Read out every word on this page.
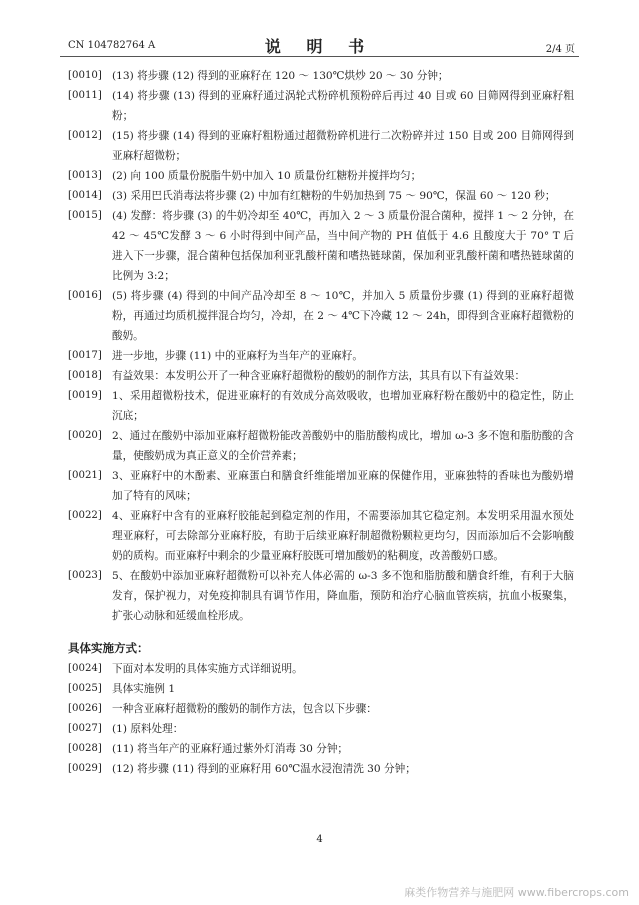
CN 104782764 A	说 明 书	2/4 页
[0010] (13) 将步骤 (12) 得到的亚麻籽在 120 ～ 130℃烘炒 20 ～ 30 分钟；
[0011] (14) 将步骤 (13) 得到的亚麻籽通过涡轮式粉碎机预粉碎后再过 40 目或 60 目筛网得到亚麻籽粗粉；
[0012] (15) 将步骤 (14) 得到的亚麻籽粗粉通过超微粉碎机进行二次粉碎并过 150 目或 200 目筛网得到亚麻籽超微粉；
[0013] (2) 向 100 质量份脱脂牛奶中加入 10 质量份红糖粉并搅拌均匀；
[0014] (3) 采用巴氏消毒法将步骤 (2) 中加有红糖粉的牛奶加热到 75 ～ 90℃，保温 60 ～ 120 秒；
[0015] (4) 发酵：将步骤 (3) 的牛奶冷却至 40℃，再加入 2 ～ 3 质量份混合菌种，搅拌 1 ～ 2 分钟，在 42 ～ 45℃发酵 3 ～ 6 小时得到中间产品，当中间产物的 PH 值低于 4.6 且酸度大于 70° T 后进入下一步骤，混合菌种包括保加利亚乳酸杆菌和嗜热链球菌，保加利亚乳酸杆菌和嗜热链球菌的比例为 3:2；
[0016] (5) 将步骤 (4) 得到的中间产品冷却至 8 ～ 10℃，并加入 5 质量份步骤 (1) 得到的亚麻籽超微粉，再通过均质机搅拌混合均匀，冷却，在 2 ～ 4℃下冷藏 12 ～ 24h，即得到含亚麻籽超微粉的酸奶。
[0017] 进一步地，步骤 (11) 中的亚麻籽为当年产的亚麻籽。
[0018] 有益效果：本发明公开了一种含亚麻籽超微粉的酸奶的制作方法，其具有以下有益效果：
[0019] 1、采用超微粉技术，促进亚麻籽的有效成分高效吸收，也增加亚麻籽粉在酸奶中的稳定性，防止沉底；
[0020] 2、通过在酸奶中添加亚麻籽超微粉能改善酸奶中的脂肪酸构成比，增加 ω-3 多不饱和脂肪酸的含量，使酸奶成为真正意义的全价营养素；
[0021] 3、亚麻籽中的木酚素、亚麻蛋白和膳食纤维能增加亚麻的保健作用，亚麻独特的香味也为酸奶增加了特有的风味；
[0022] 4、亚麻籽中含有的亚麻籽胶能起到稳定剂的作用，不需要添加其它稳定剂。本发明采用温水预处理亚麻籽，可去除部分亚麻籽胶，有助于后续亚麻籽制超微粉颗粒更均匀，因而添加后不会影响酸奶的质构。而亚麻籽中剩余的少量亚麻籽胶既可增加酸奶的粘稠度，改善酸奶口感。
[0023] 5、在酸奶中添加亚麻籽超微粉可以补充人体必需的 ω-3 多不饱和脂肪酸和膳食纤维，有利于大脑发育，保护视力，对免疫抑制具有调节作用，降血脂，预防和治疗心脑血管疾病，抗血小板聚集，扩张心动脉和延缓血栓形成。
具体实施方式：
[0024] 下面对本发明的具体实施方式详细说明。
[0025] 具体实施例 1
[0026] 一种含亚麻籽超微粉的酸奶的制作方法，包含以下步骤：
[0027] (1) 原料处理：
[0028] (11) 将当年产的亚麻籽通过紫外灯消毒 30 分钟；
[0029] (12) 将步骤 (11) 得到的亚麻籽用 60℃温水浸泡清洗 30 分钟；
4
麻类作物营养与施肥网 www.fibercrops.com
